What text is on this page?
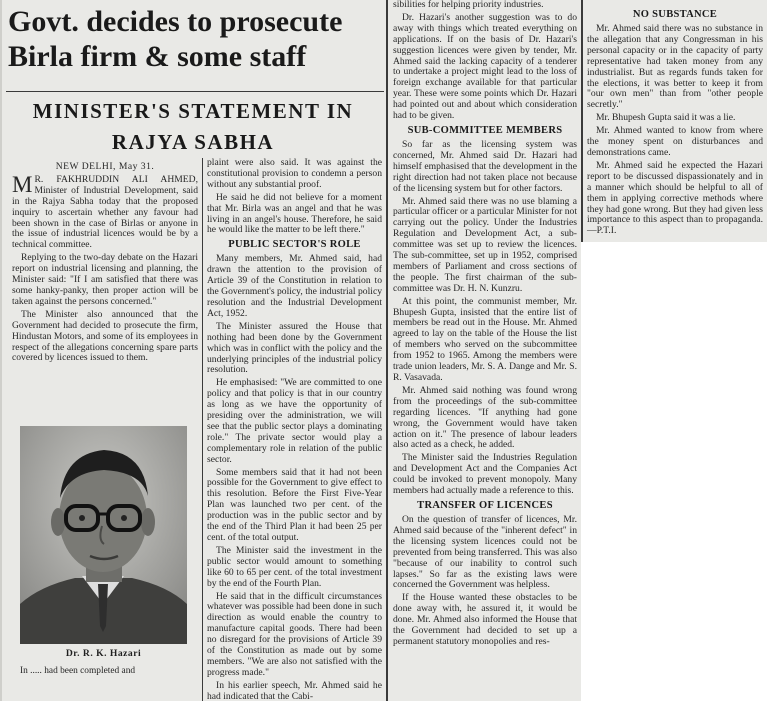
Govt. decides to prosecute
Birla firm & some staff
MINISTER'S STATEMENT IN
RAJYA SABHA

NEW DELHI, May 31.

M R. FAKHRUDDIN ALI AHMED, Minister of Industrial Development, said in the Rajya Sabha today that the proposed inquiry to ascertain whether any favour had been shown in the case of Birlas or anyone in the issue of industrial licences would be by a technical committee.

Replying to the two-day debate on the Hazari report on industrial licensing and planning, the Minister said: "If I am satisfied that there was some hanky-panky, then proper action will be taken against the persons concerned."

The Minister also announced that the Government had decided to prosecute the firm, Hindustan Motors, and some of its employees in respect of the allegations concerning spare parts covered by licences issued to them.

Dr. R. K. Hazari
In ..... had been completed and

plaint were also said. It was against the constitutional provision to condemn a person without any substantial proof.

He said he did not believe for a moment that Mr. Birla was an angel and that he was living in an angel's house. Therefore, he said he would like the matter to be left there."

PUBLIC SECTOR'S ROLE

Many members, Mr. Ahmed said, had drawn the attention to the provision of Article 39 of the Constitution in relation to the Government's policy, the industrial policy resolution and the Industrial Development Act, 1952.

The Minister assured the House that nothing had been done by the Government which was in conflict with the policy and the underlying principles of the industrial policy resolution.

He emphasised: "We are committed to one policy and that policy is that in our country as long as we have the opportunity of presiding over the administration, we will see that the public sector plays a dominating role." The private sector would play a complementary role in relation of the public sector.

Some members said that it had not been possible for the Government to give effect to this resolution. Before the First Five-Year Plan was launched two per cent. of the production was in the public sector and by the end of the Third Plan it had been 25 per cent. of the total output.

The Minister said the investment in the public sector would amount to something like 60 to 65 per cent. of the total investment by the end of the Fourth Plan.

He said that in the difficult circumstances whatever was possible had been done in such direction as would enable the country to manufacture capital goods. There had been no disregard for the provisions of Article 39 of the Constitution as made out by some members. "We are also not satisfied with the progress made."

In his earlier speech, Mr. Ahmed said he had indicated that the Cabi-

sibilities for helping priority industries.

Dr. Hazari's another suggestion was to do away with things which treated everything on applications. If on the basis of Dr. Hazari's suggestion licences were given by tender, Mr. Ahmed said the lacking capacity of a tenderer to undertake a project might lead to the loss of foreign exchange available for that particular year. These were some points which Dr. Hazari had pointed out and about which consideration had to be given.

SUB-COMMITTEE MEMBERS

So far as the licensing system was concerned, Mr. Ahmed said Dr. Hazari had himself emphasised that the development in the right direction had not taken place not because of the licensing system but for other factors.

Mr. Ahmed said there was no use blaming a particular officer or a particular Minister for not carrying out the policy. Under the Industries Regulation and Development Act, a sub-committee was set up to review the licences. The sub-committee, set up in 1952, comprised members of Parliament and cross sections of the people. The first chairman of the sub-committee was Dr. H. N. Kunzru.

At this point, the communist member, Mr. Bhupesh Gupta, insisted that the entire list of members be read out in the House. Mr. Ahmed agreed to lay on the table of the House the list of members who served on the subcommittee from 1952 to 1965. Among the members were trade union leaders, Mr. S. A. Dange and Mr. S. R. Vasavada.

Mr. Ahmed said nothing was found wrong from the proceedings of the sub-committee regarding licences. "If anything had gone wrong, the Government would have taken action on it." The presence of labour leaders also acted as a check, he added.

The Minister said the Industries Regulation and Development Act and the Companies Act could be invoked to prevent monopoly. Many members had actually made a reference to this.

TRANSFER OF LICENCES

On the question of transfer of licences, Mr. Ahmed said because of the "inherent defect" in the licensing system licences could not be prevented from being transferred. This was also "because of our inability to control such lapses." So far as the existing laws were concerned the Government was helpless.

If the House wanted these obstacles to be done away with, he assured it, it would be done. Mr. Ahmed also informed the House that the Government had decided to set up a permanent statutory monopolies and res-

NO SUBSTANCE

Mr. Ahmed said there was no substance in the allegation that any Congressman in his personal capacity or in the capacity of party representative had taken money from any industrialist. But as regards funds taken for the elections, it was better to keep it from "our own men" than from "other people secretly."

Mr. Bhupesh Gupta said it was a lie.

Mr. Ahmed wanted to know from where the money spent on disturbances and demonstrations came.

Mr. Ahmed said he expected the Hazari report to be discussed dispassionately and in a manner which should be helpful to all of them in applying corrective methods where they had gone wrong. But they had given less importance to this aspect than to propaganda.—P.T.I.
